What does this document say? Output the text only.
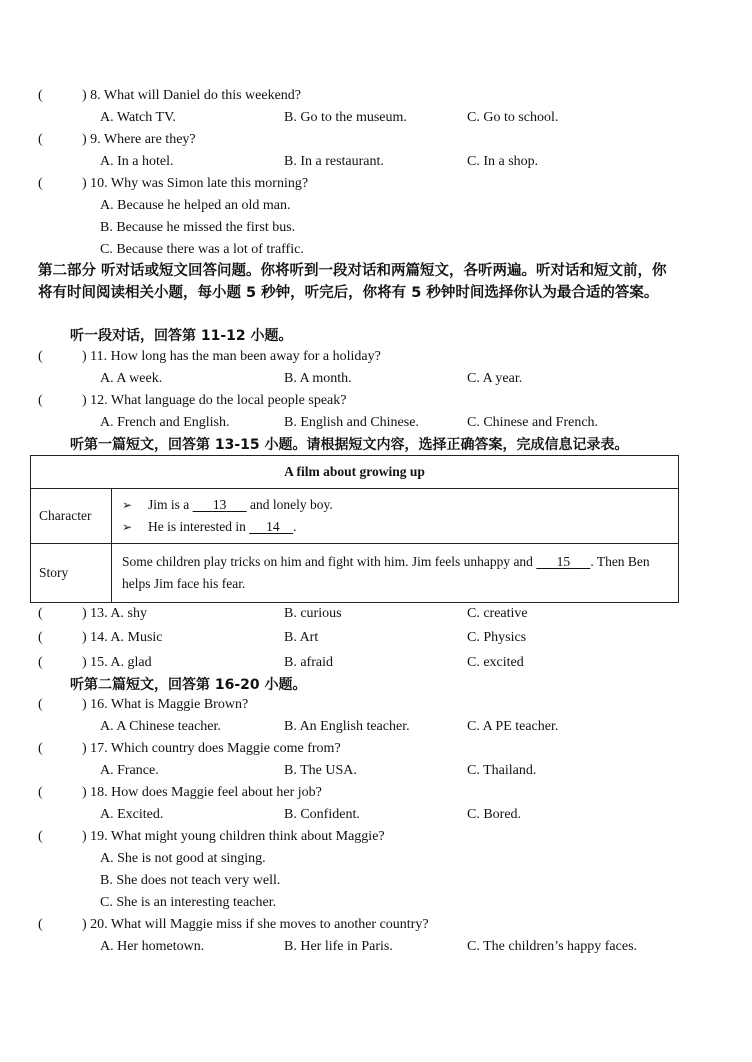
(	) 8. What will Daniel do this weekend?
A. Watch TV.	B. Go to the museum.	C. Go to school.
(	) 9. Where are they?
A. In a hotel.	B. In a restaurant.	C. In a shop.
(	) 10. Why was Simon late this morning?
A. Because he helped an old man.
B. Because he missed the first bus.
C. Because there was a lot of traffic.
第二部分 听对话或短文回答问题。你将听到一段对话和两篇短文，各听两遍。听对话和短文前，你将有时间阅读相关小题，每小题 5 秒钟，听完后，你将有 5 秒钟时间选择你认为最合适的答案。
听一段对话，回答第 11-12 小题。
(	) 11. How long has the man been away for a holiday?
A. A week.	B. A month.	C. A year.
(	) 12. What language do the local people speak?
A. French and English.	B. English and Chinese.	C. Chinese and French.
听第一篇短文，回答第 13-15 小题。请根据短文内容，选择正确答案，完成信息记录表。
A film about growing up	
Character	➢ Jim is a 13 and lonely boy.
➢ He is interested in 14 .

Story	Some children play tricks on him and fight with him. Jim feels unhappy and 15 . Then Ben helps Jim face his fear.
(	) 13. A. shy	B. curious	C. creative
(	) 14. A. Music	B. Art	C. Physics
(	) 15. A. glad	B. afraid	C. excited
听第二篇短文，回答第 16-20 小题。
(	) 16. What is Maggie Brown?
A. A Chinese teacher.	B. An English teacher.	C. A PE teacher.
(	) 17. Which country does Maggie come from?
A. France.	B. The USA.	C. Thailand.
(	) 18. How does Maggie feel about her job?
A. Excited.	B. Confident.	C. Bored.
(	) 19. What might young children think about Maggie?
A. She is not good at singing.
B. She does not teach very well.
C. She is an interesting teacher.
(	) 20. What will Maggie miss if she moves to another country?
A. Her hometown.	B. Her life in Paris.	C. The children’s happy faces.
